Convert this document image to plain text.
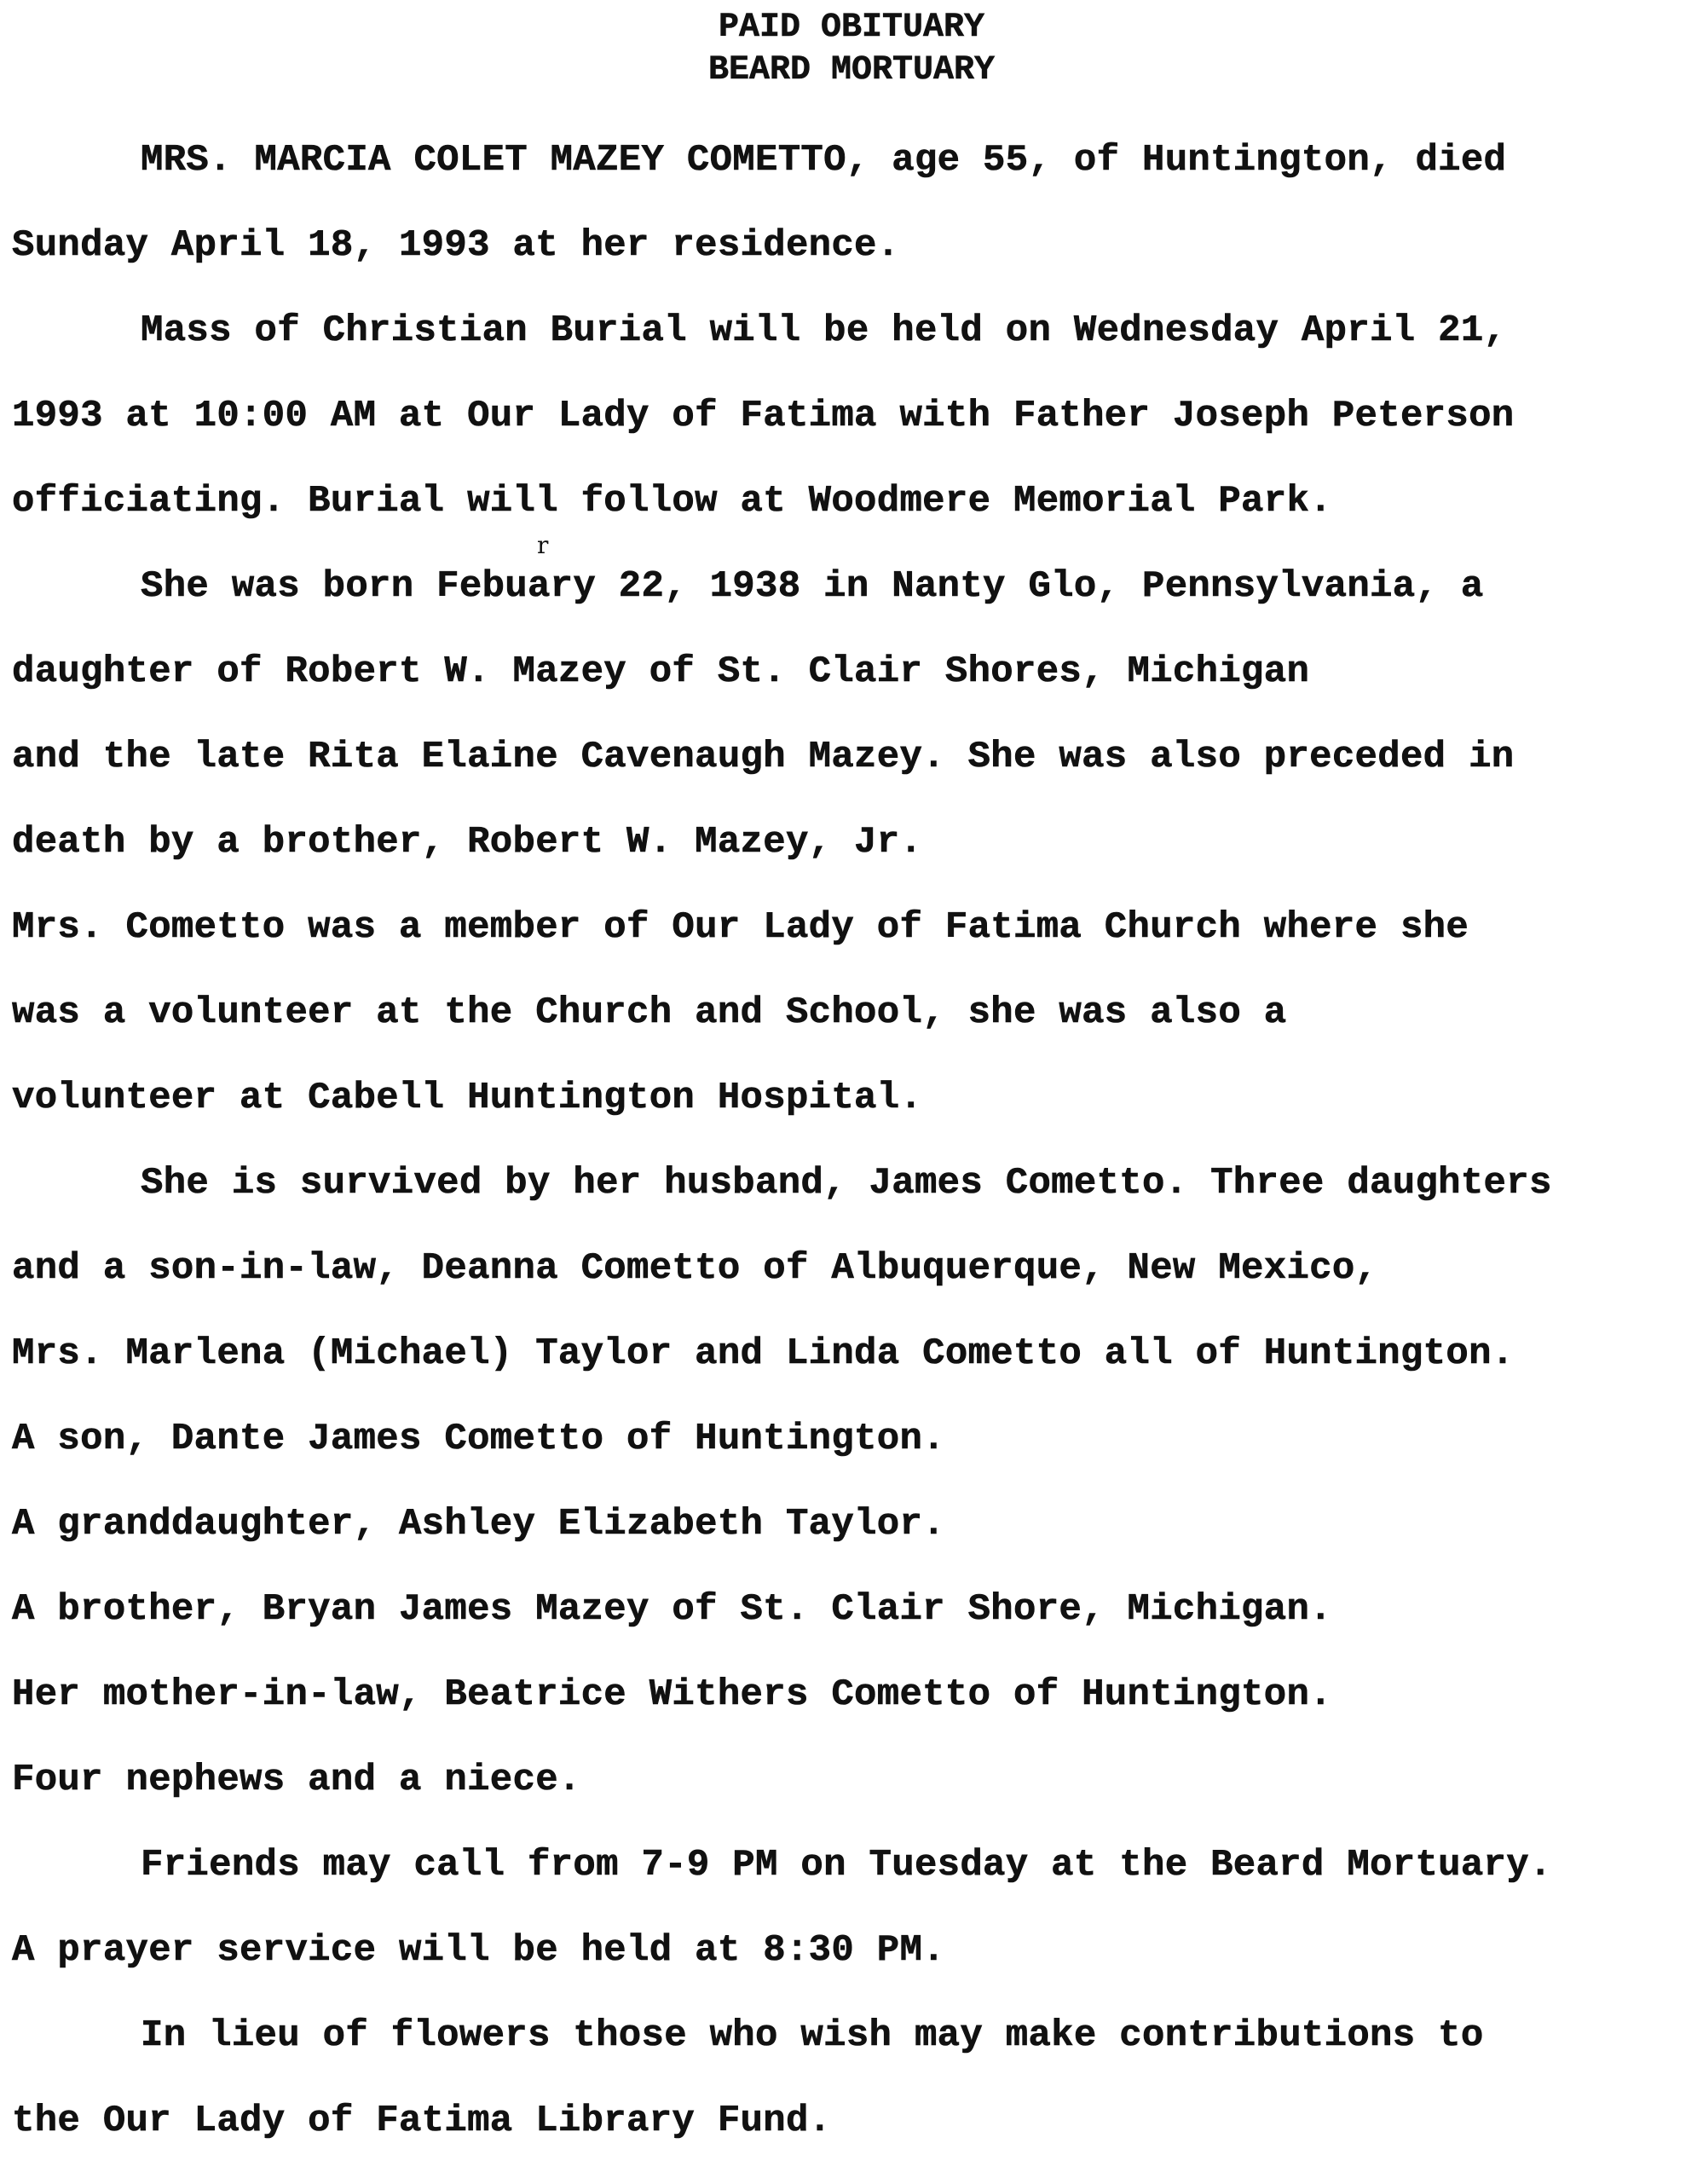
PAID OBITUARY
BEARD MORTUARY
MRS. MARCIA COLET MAZEY COMETTO, age 55, of Huntington, died
Sunday April 18, 1993 at her residence.
Mass of Christian Burial will be held on Wednesday April 21,
1993 at 10:00 AM at Our Lady of Fatima with Father Joseph Peterson
officiating. Burial will follow at Woodmere Memorial Park.
She was born Febuary 22, 1938 in Nanty Glo, Pennsylvania, a
daughter of Robert W. Mazey of St. Clair Shores, Michigan
and the late Rita Elaine Cavenaugh Mazey. She was also preceded in
death by a brother, Robert W. Mazey, Jr.
Mrs. Cometto was a member of Our Lady of Fatima Church where she
was a volunteer at the Church and School, she was also a
volunteer at Cabell Huntington Hospital.
She is survived by her husband, James Cometto. Three daughters
and a son-in-law, Deanna Cometto of Albuquerque, New Mexico,
Mrs. Marlena (Michael) Taylor and Linda Cometto all of Huntington.
A son, Dante James Cometto of Huntington.
A granddaughter, Ashley Elizabeth Taylor.
A brother, Bryan James Mazey of St. Clair Shore, Michigan.
Her mother-in-law, Beatrice Withers Cometto of Huntington.
Four nephews and a niece.
Friends may call from 7-9 PM on Tuesday at the Beard Mortuary.
A prayer service will be held at 8:30 PM.
In lieu of flowers those who wish may make contributions to
the Our Lady of Fatima Library Fund.
r
